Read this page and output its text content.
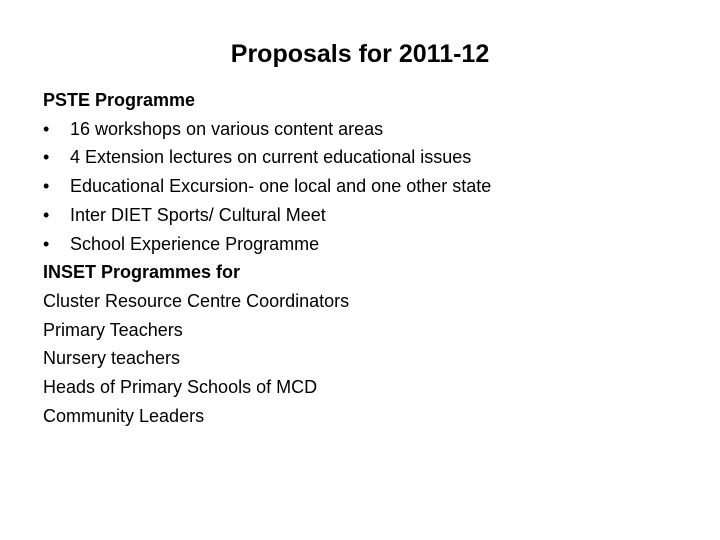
Proposals for 2011-12
PSTE Programme
•	16 workshops on various content areas
•	4 Extension lectures on current educational issues
•	Educational Excursion- one local and one other state
•	Inter DIET Sports/ Cultural Meet
•	School Experience Programme
INSET Programmes for
Cluster Resource Centre Coordinators
Primary Teachers
Nursery teachers
Heads of Primary Schools of MCD
Community Leaders
